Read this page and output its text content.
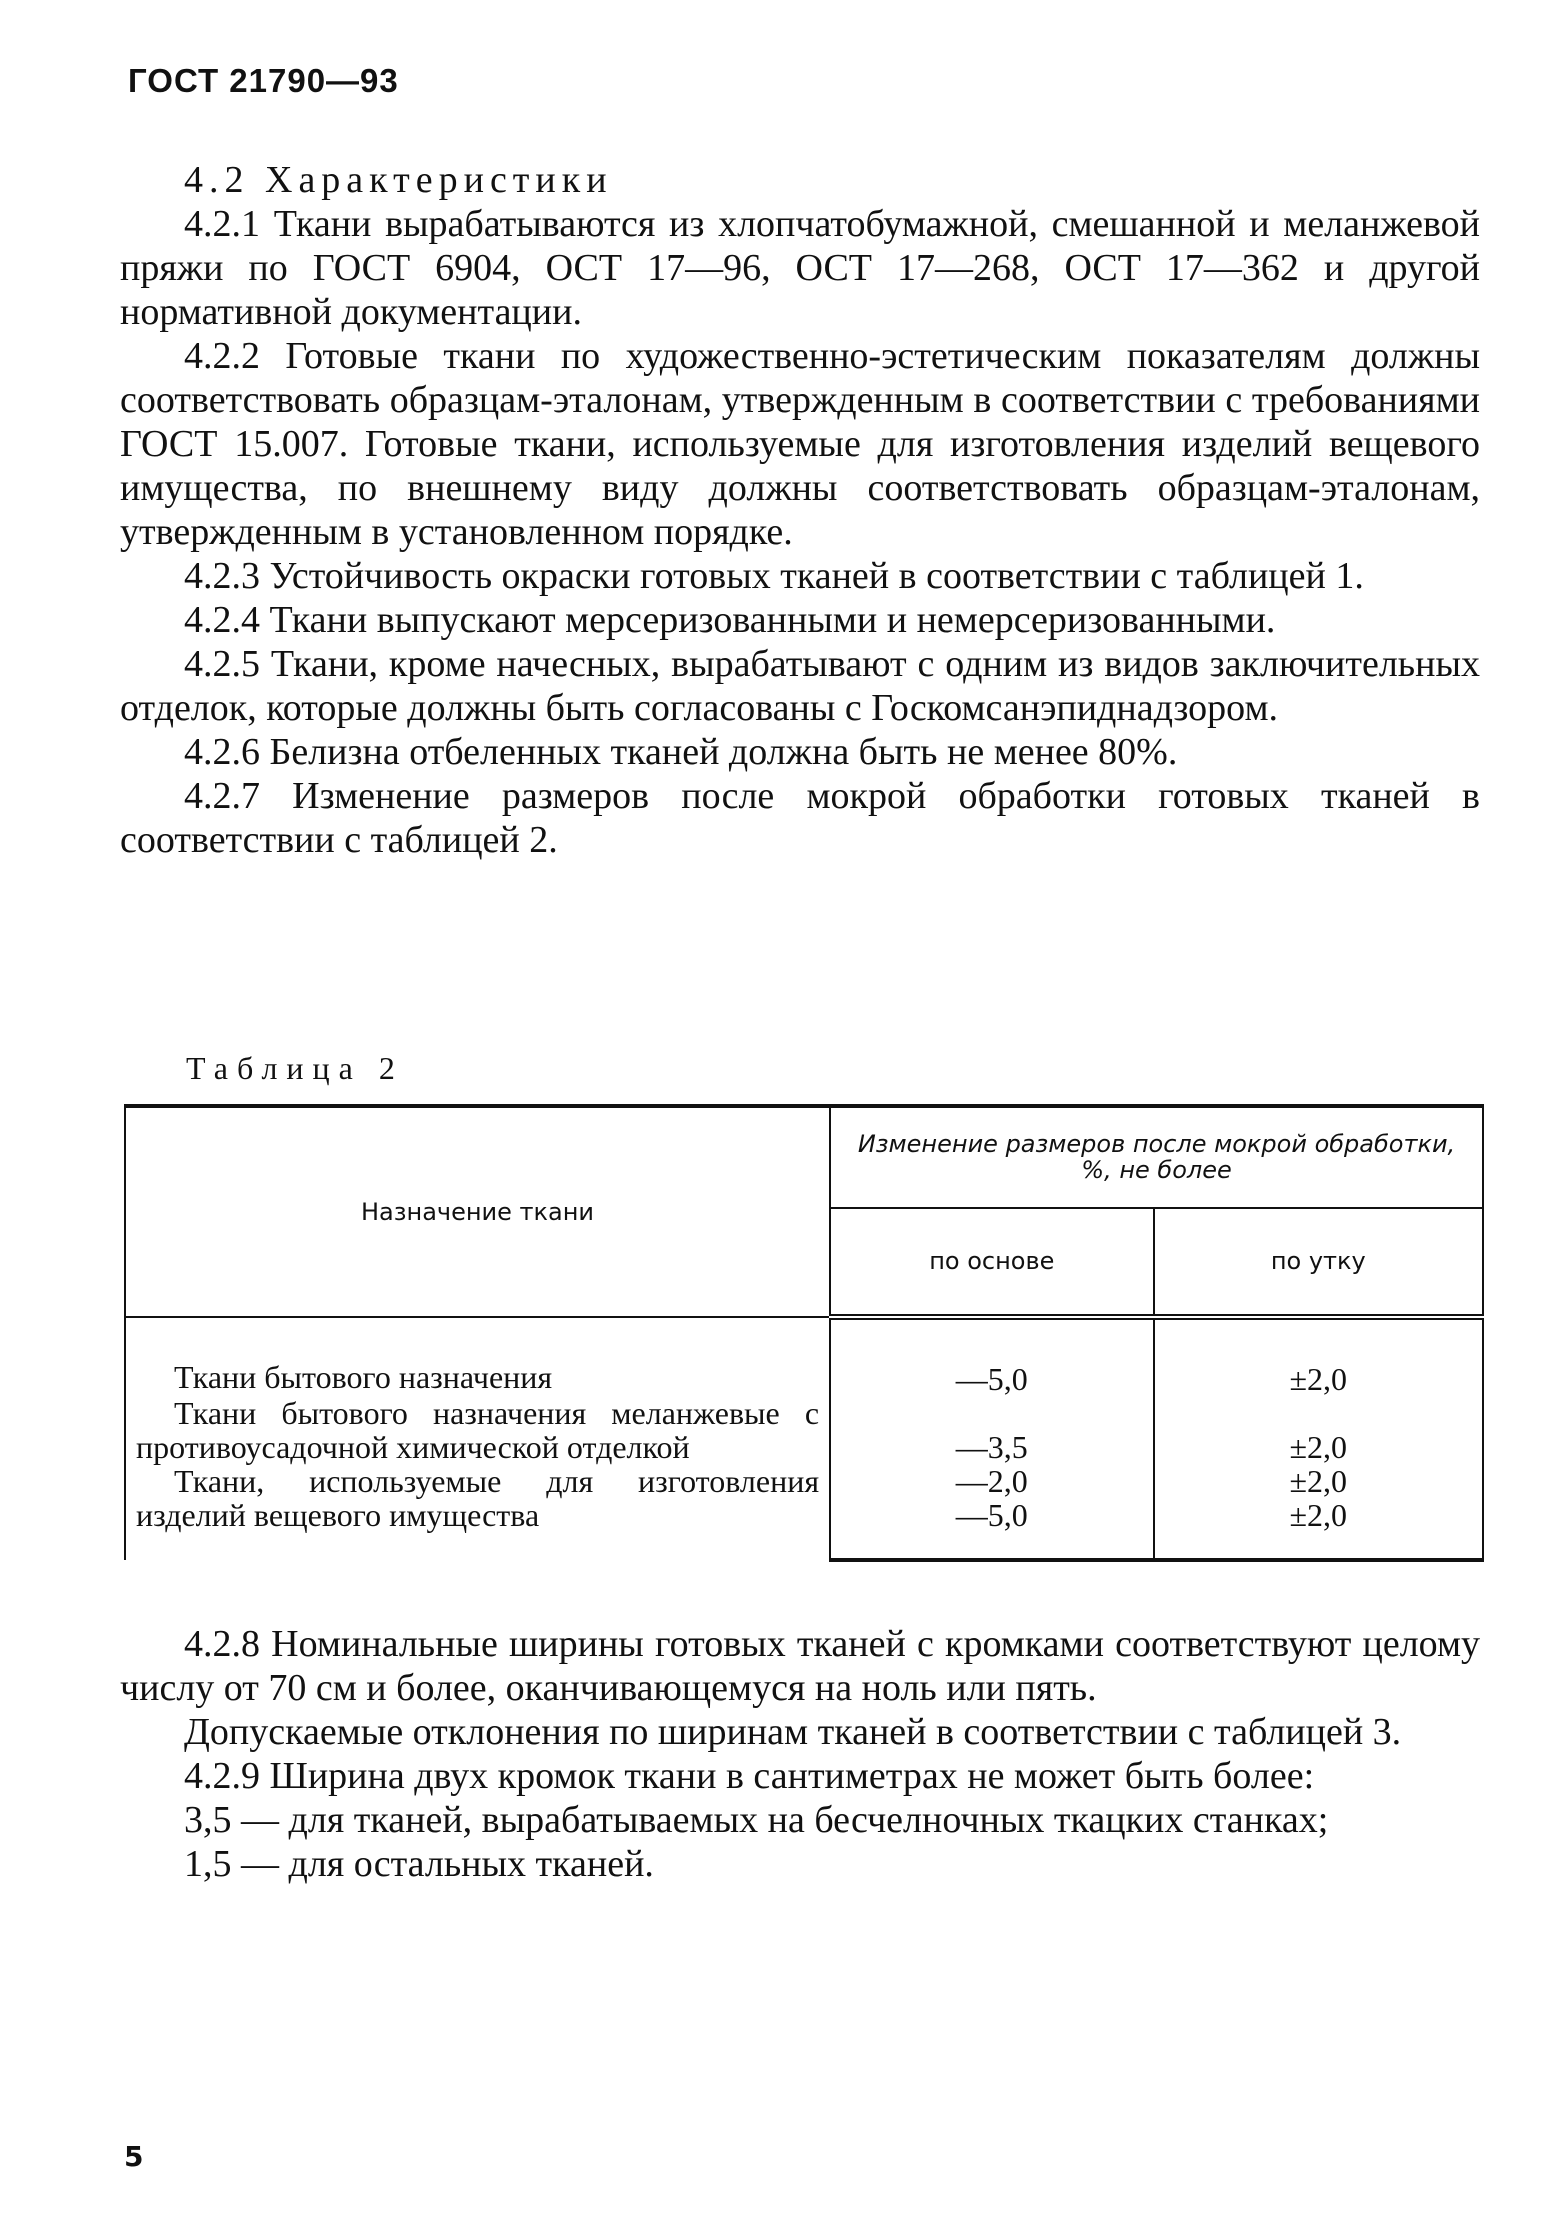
ГОСТ 21790—93

4.2 Характеристики

4.2.1 Ткани вырабатываются из хлопчатобумажной, смешанной и меланжевой пряжи по ГОСТ 6904, ОСТ 17—96, ОСТ 17—268, ОСТ 17—362 и другой нормативной документации.

4.2.2 Готовые ткани по художественно-эстетическим показателям должны соответствовать образцам-эталонам, утвержденным в соответствии с требованиями ГОСТ 15.007. Готовые ткани, используемые для изготовления изделий вещевого имущества, по внешнему виду должны соответствовать образцам-эталонам, утвержденным в установленном порядке.

4.2.3 Устойчивость окраски готовых тканей в соответствии с таблицей 1.

4.2.4 Ткани выпускают мерсеризованными и немерсеризованными.

4.2.5 Ткани, кроме начесных, вырабатывают с одним из видов заключительных отделок, которые должны быть согласованы с Госкомсанэпиднадзором.

4.2.6 Белизна отбеленных тканей должна быть не менее 80%.

4.2.7 Изменение размеров после мокрой обработки готовых тканей в соответствии с таблицей 2.

Таблица 2
Назначение ткани	Изменение размеров после мокрой обработки, %, не более	
	по основе	по утку
Ткани бытового назначения	—5,0	±2,0
Ткани бытового назначения меланжевые с противоусадочной химической отделкой	—3,5	±2,0
Ткани, используемые для изготовления изделий вещевого имущества	—2,0	±2,0
	—5,0	±2,0

4.2.8 Номинальные ширины готовых тканей с кромками соответствуют целому числу от 70 см и более, оканчивающемуся на ноль или пять.

Допускаемые отклонения по ширинам тканей в соответствии с таблицей 3.

4.2.9 Ширина двух кромок ткани в сантиметрах не может быть более:

3,5 — для тканей, вырабатываемых на бесчелночных ткацких станках;

1,5 — для остальных тканей.

5
